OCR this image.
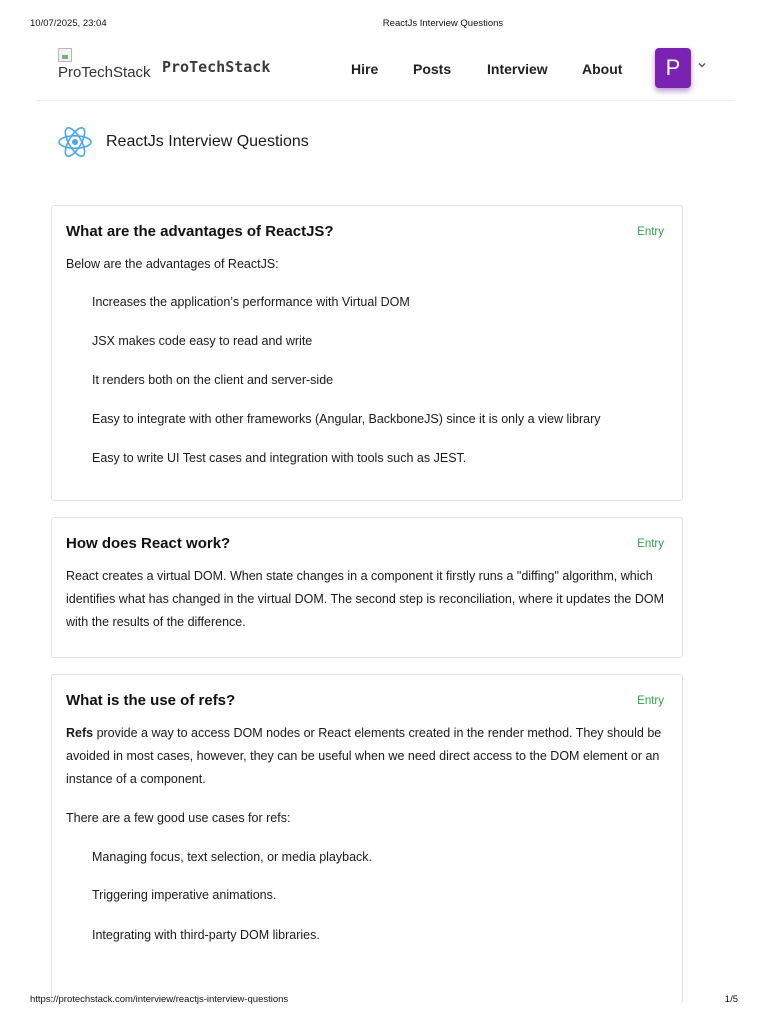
10/07/2025, 23:04	ReactJs Interview Questions
ProTechStack ProTechStack	Hire Posts	Interview About	P
ReactJs Interview Questions
What are the advantages of ReactJS?	Entry
Below are the advantages of ReactJS:
Increases the application’s performance with Virtual DOM
JSX makes code easy to read and write
It renders both on the client and server-side
Easy to integrate with other frameworks (Angular, BackboneJS) since it is only a view library
Easy to write UI Test cases and integration with tools such as JEST.
How does React work?	Entry
React creates a virtual DOM. When state changes in a component it firstly runs a "diffing" algorithm, which identifies what has changed in the virtual DOM. The second step is reconciliation, where it updates the DOM with the results of the difference.
What is the use of refs?	Entry
Refs provide a way to access DOM nodes or React elements created in the render method. They should be avoided in most cases, however, they can be useful when we need direct access to the DOM element or an instance of a component.
There are a few good use cases for refs:
Managing focus, text selection, or media playback.
Triggering imperative animations.
Integrating with third-party DOM libraries.
https://protechstack.com/interview/reactjs-interview-questions	1/5
